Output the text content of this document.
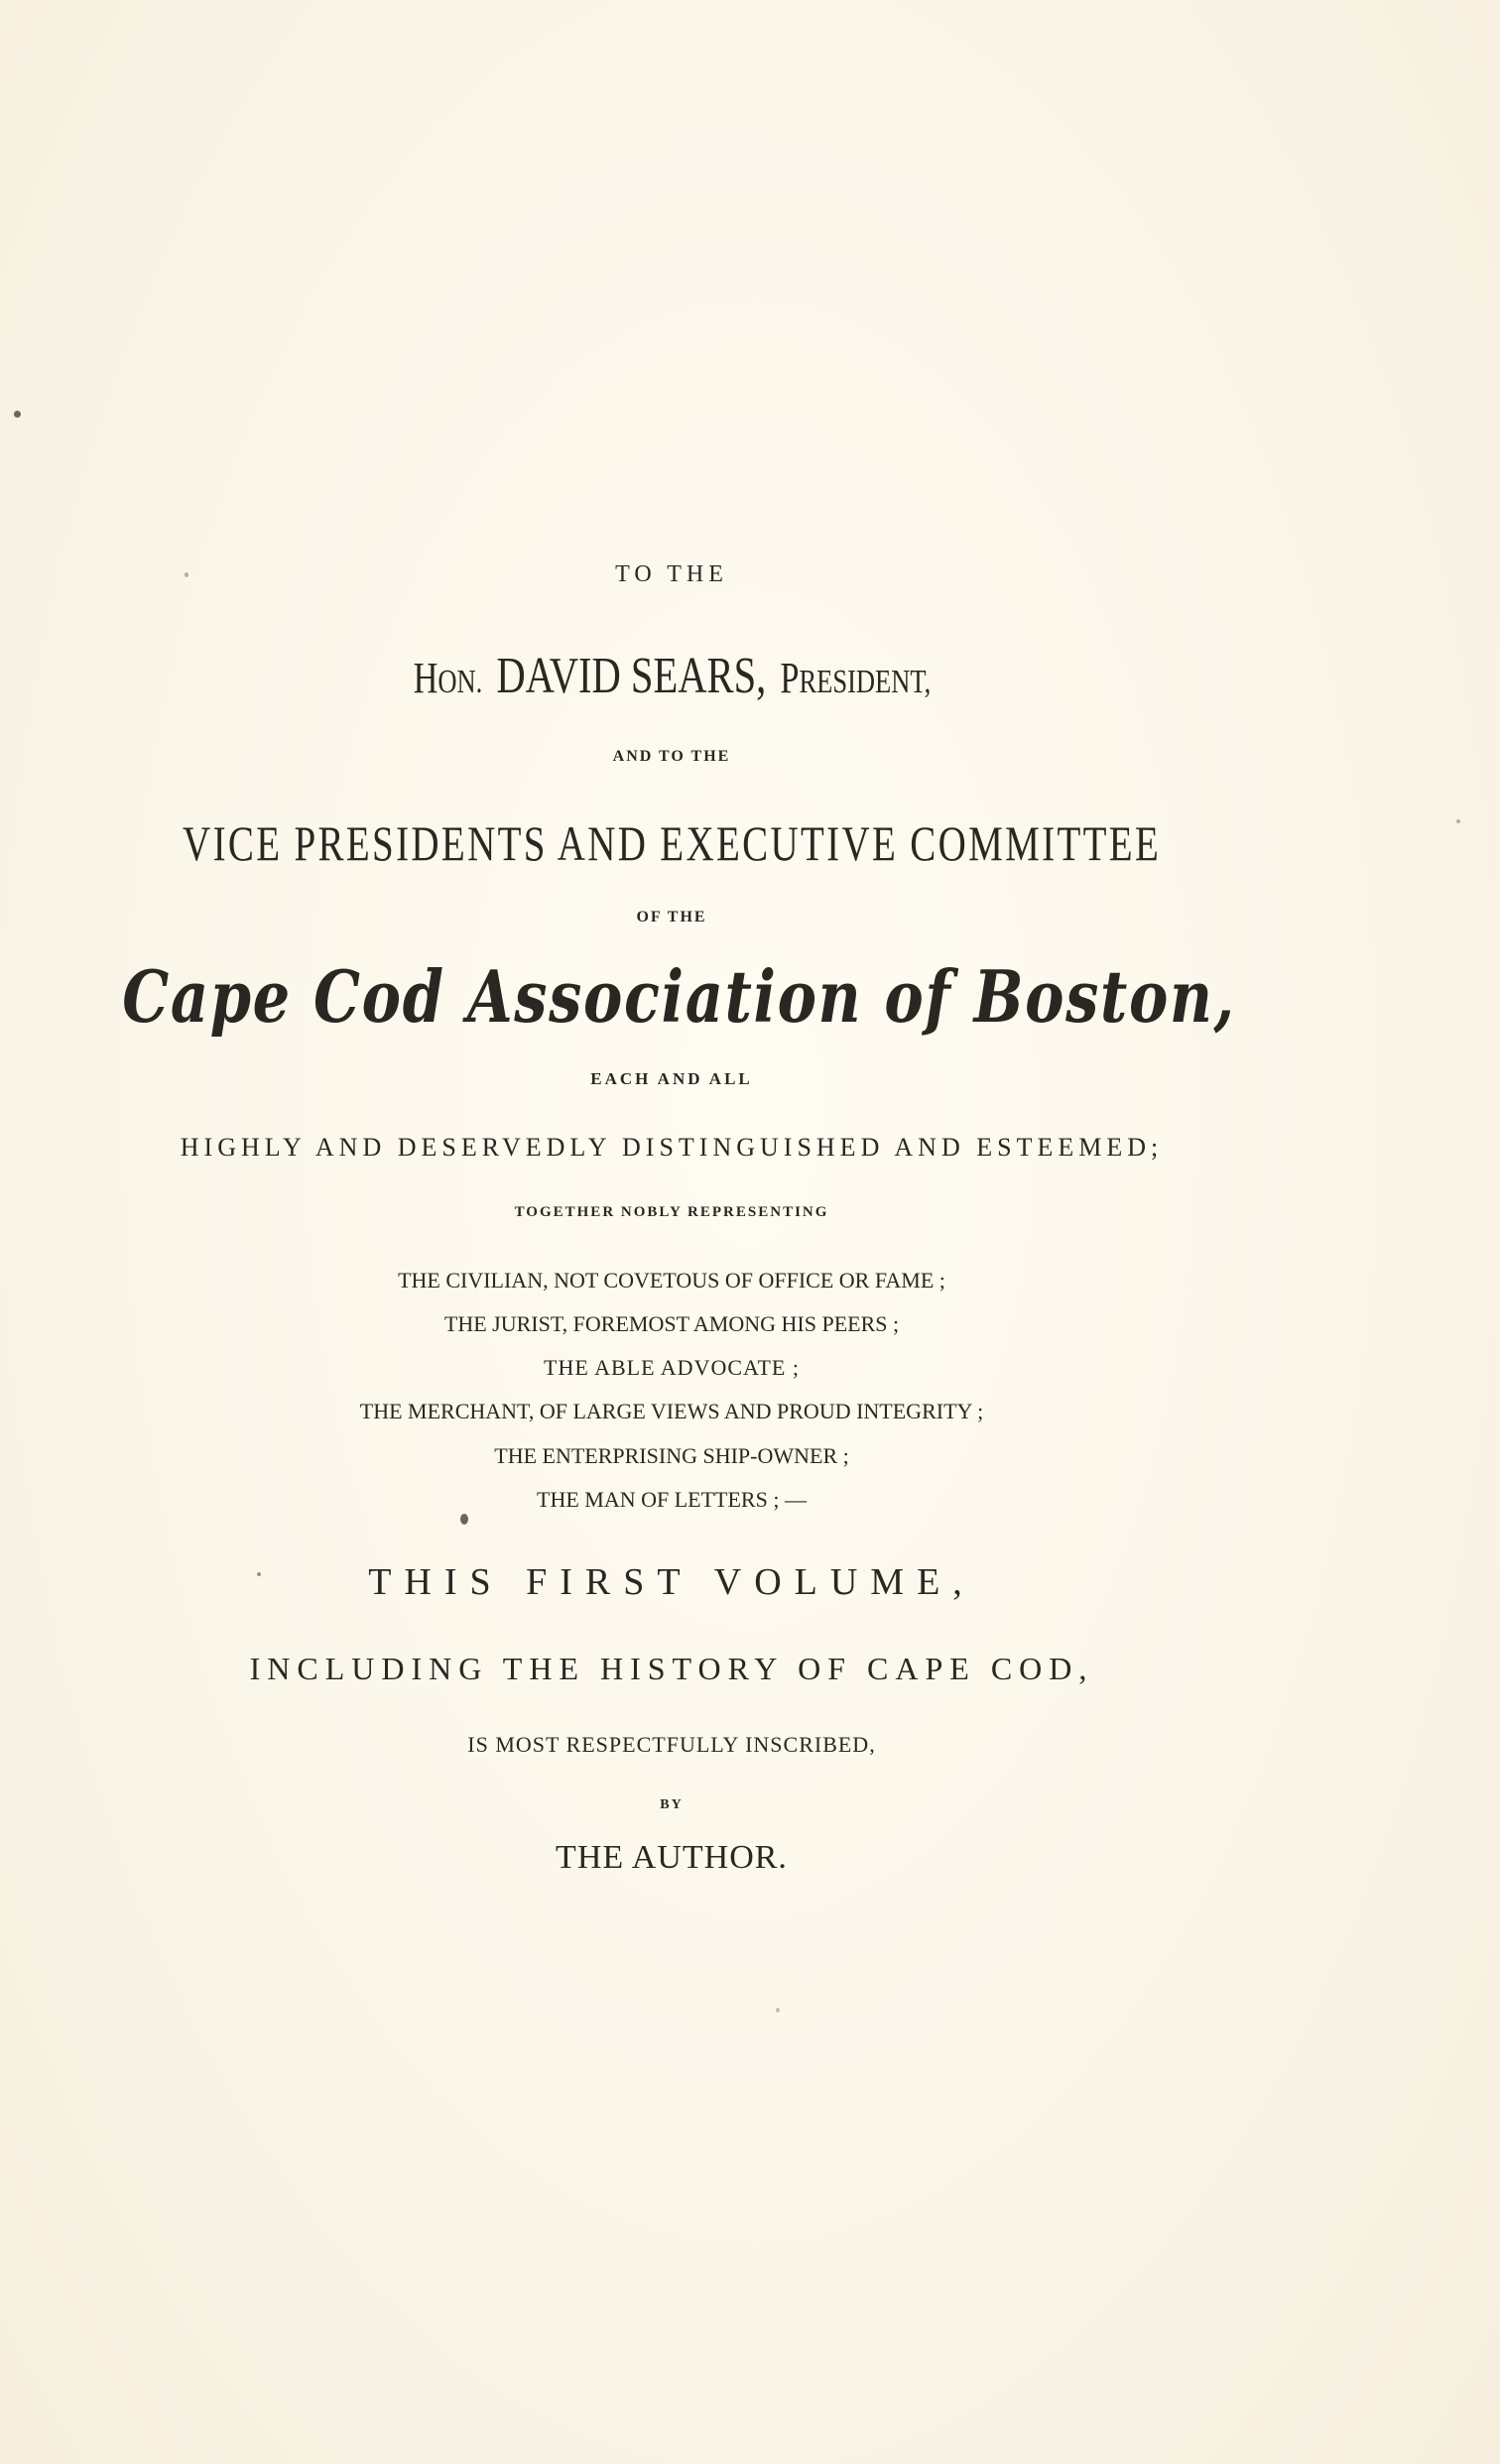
TO THE

HON. DAVID SEARS, PRESIDENT,

AND TO THE

VICE PRESIDENTS AND EXECUTIVE COMMITTEE

OF THE

Cape Cod Association of Boston,

EACH AND ALL

HIGHLY AND DESERVEDLY DISTINGUISHED AND ESTEEMED;

TOGETHER NOBLY REPRESENTING

THE CIVILIAN, NOT COVETOUS OF OFFICE OR FAME ;

THE JURIST, FOREMOST AMONG HIS PEERS ;

THE ABLE ADVOCATE ;

THE MERCHANT, OF LARGE VIEWS AND PROUD INTEGRITY ;

THE ENTERPRISING SHIP-OWNER ;

THE MAN OF LETTERS ; —

THIS FIRST VOLUME,

INCLUDING THE HISTORY OF CAPE COD,

IS MOST RESPECTFULLY INSCRIBED,

BY

THE AUTHOR.
